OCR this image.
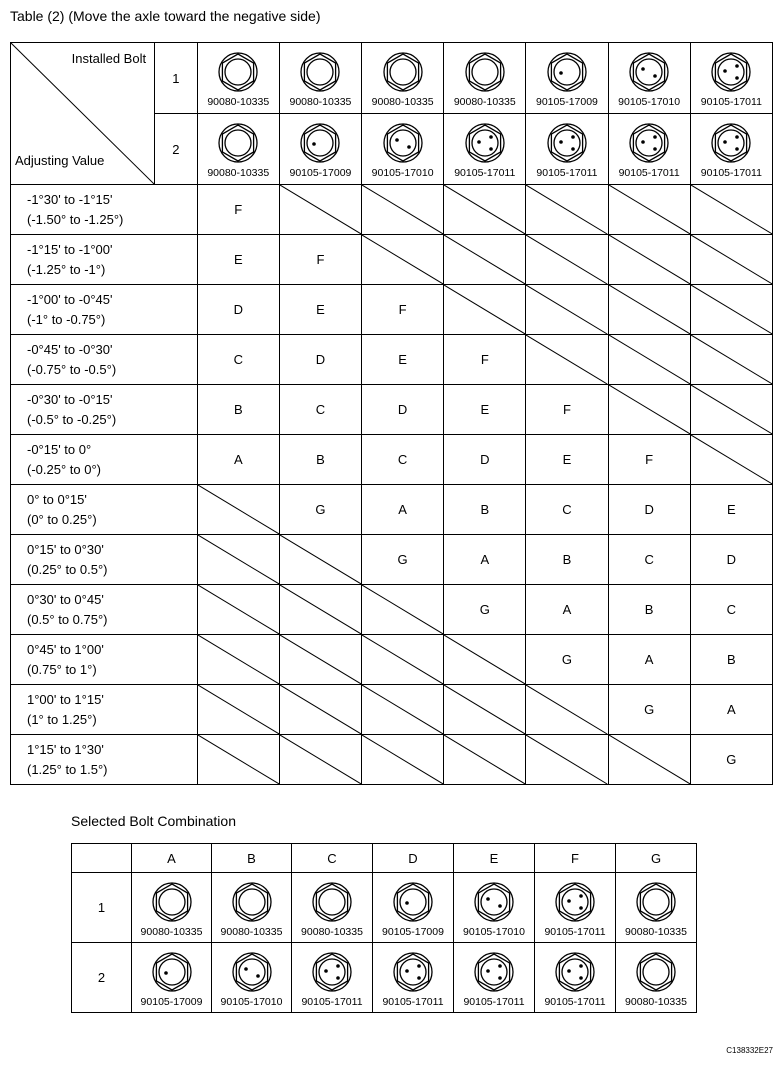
Table (2) (Move the axle toward the negative side)
Installed Bolt
Adjusting Value	1	90080-10335	90080-10335	90080-10335	90080-10335	90105-17009	90105-17010	90105-17011

	2	90080-10335	90105-17009	90105-17010	90105-17011	90105-17011	90105-17011	90105-17011

-1°30' to -1°15'
(-1.50° to -1.25°)		F	

-1°15' to -1°00'
(-1.25° to -1°)		E	F	

-1°00' to -0°45'
(-1° to -0.75°)		D	E	F	

-0°45' to -0°30'
(-0.75° to -0.5°)		C	D	E	F	

-0°30' to -0°15'
(-0.5° to -0.25°)		B	C	D	E	F	

-0°15' to 0°
(-0.25° to 0°)		A	B	C	D	E	F	

0° to 0°15'
(0° to 0.25°)			G	A	B	C	D	E

0°15' to 0°30'
(0.25° to 0.5°)				G	A	B	C	D

0°30' to 0°45'
(0.5° to 0.75°)					G	A	B	C

0°45' to 1°00'
(0.75° to 1°)						G	A	B

1°00' to 1°15'
(1° to 1.25°)							G	A

1°15' to 1°30'
(1.25° to 1.5°)								G
Selected Bolt Combination
	A	B	C	D	E	F	G
1	90080-10335	90080-10335	90080-10335	90105-17009	90105-17010	90105-17011	90080-10335

2	90105-17009	90105-17010	90105-17011	90105-17011	90105-17011	90105-17011	90080-10335
C138332E27
